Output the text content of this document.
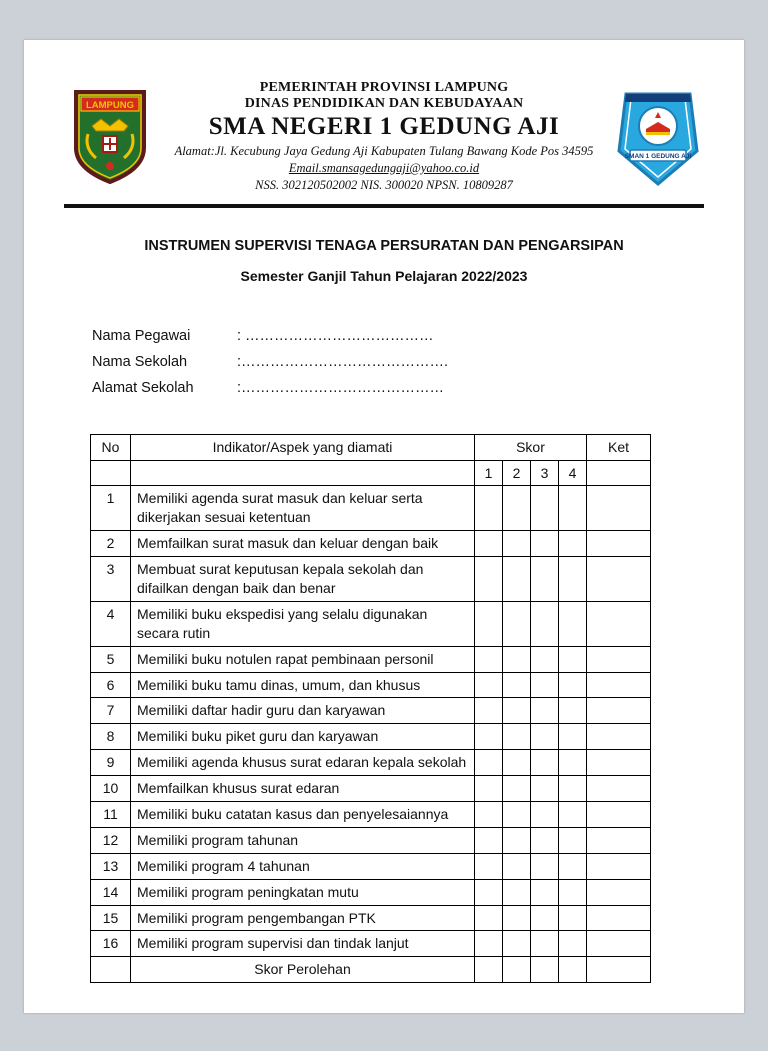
LAMPUNG
PEMERINTAH PROVINSI LAMPUNG
DINAS PENDIDIKAN DAN KEBUDAYAAN
SMA NEGERI 1 GEDUNG AJI
Alamat:Jl. Kecubung Jaya Gedung Aji Kabupaten Tulang Bawang Kode Pos 34595
Email.smansagedungaji@yahoo.co.id
NSS. 302120502002 NIS. 300020 NPSN. 10809287
SMAN 1 GEDUNG AJI
INSTRUMEN SUPERVISI TENAGA PERSURATAN DAN PENGARSIPAN
Semester Ganjil Tahun Pelajaran 2022/2023
Nama Pegawai	: …………………………………
Nama Sekolah	:…………………………………….
Alamat Sekolah	:……………………………………
No	Indikator/Aspek yang diamati	Skor				Ket
		1	2	3	4	
1	Memiliki agenda surat masuk dan keluar serta dikerjakan sesuai ketentuan					
2	Memfailkan surat masuk dan keluar dengan baik					
3	Membuat surat keputusan kepala sekolah dan difailkan dengan baik dan benar					
4	Memiliki buku ekspedisi yang selalu digunakan secara rutin					
5	Memiliki buku notulen rapat pembinaan personil					
6	Memiliki buku tamu dinas, umum, dan khusus					
7	Memiliki daftar hadir guru dan karyawan					
8	Memiliki buku piket guru dan karyawan					
9	Memiliki agenda khusus surat edaran kepala sekolah					
10	Memfailkan khusus surat edaran					
11	Memiliki buku catatan kasus dan penyelesaiannya					
12	Memiliki program tahunan					
13	Memiliki program 4 tahunan					
14	Memiliki program peningkatan mutu					
15	Memiliki program pengembangan PTK					
16	Memiliki program supervisi dan tindak lanjut					
	Skor Perolehan					
